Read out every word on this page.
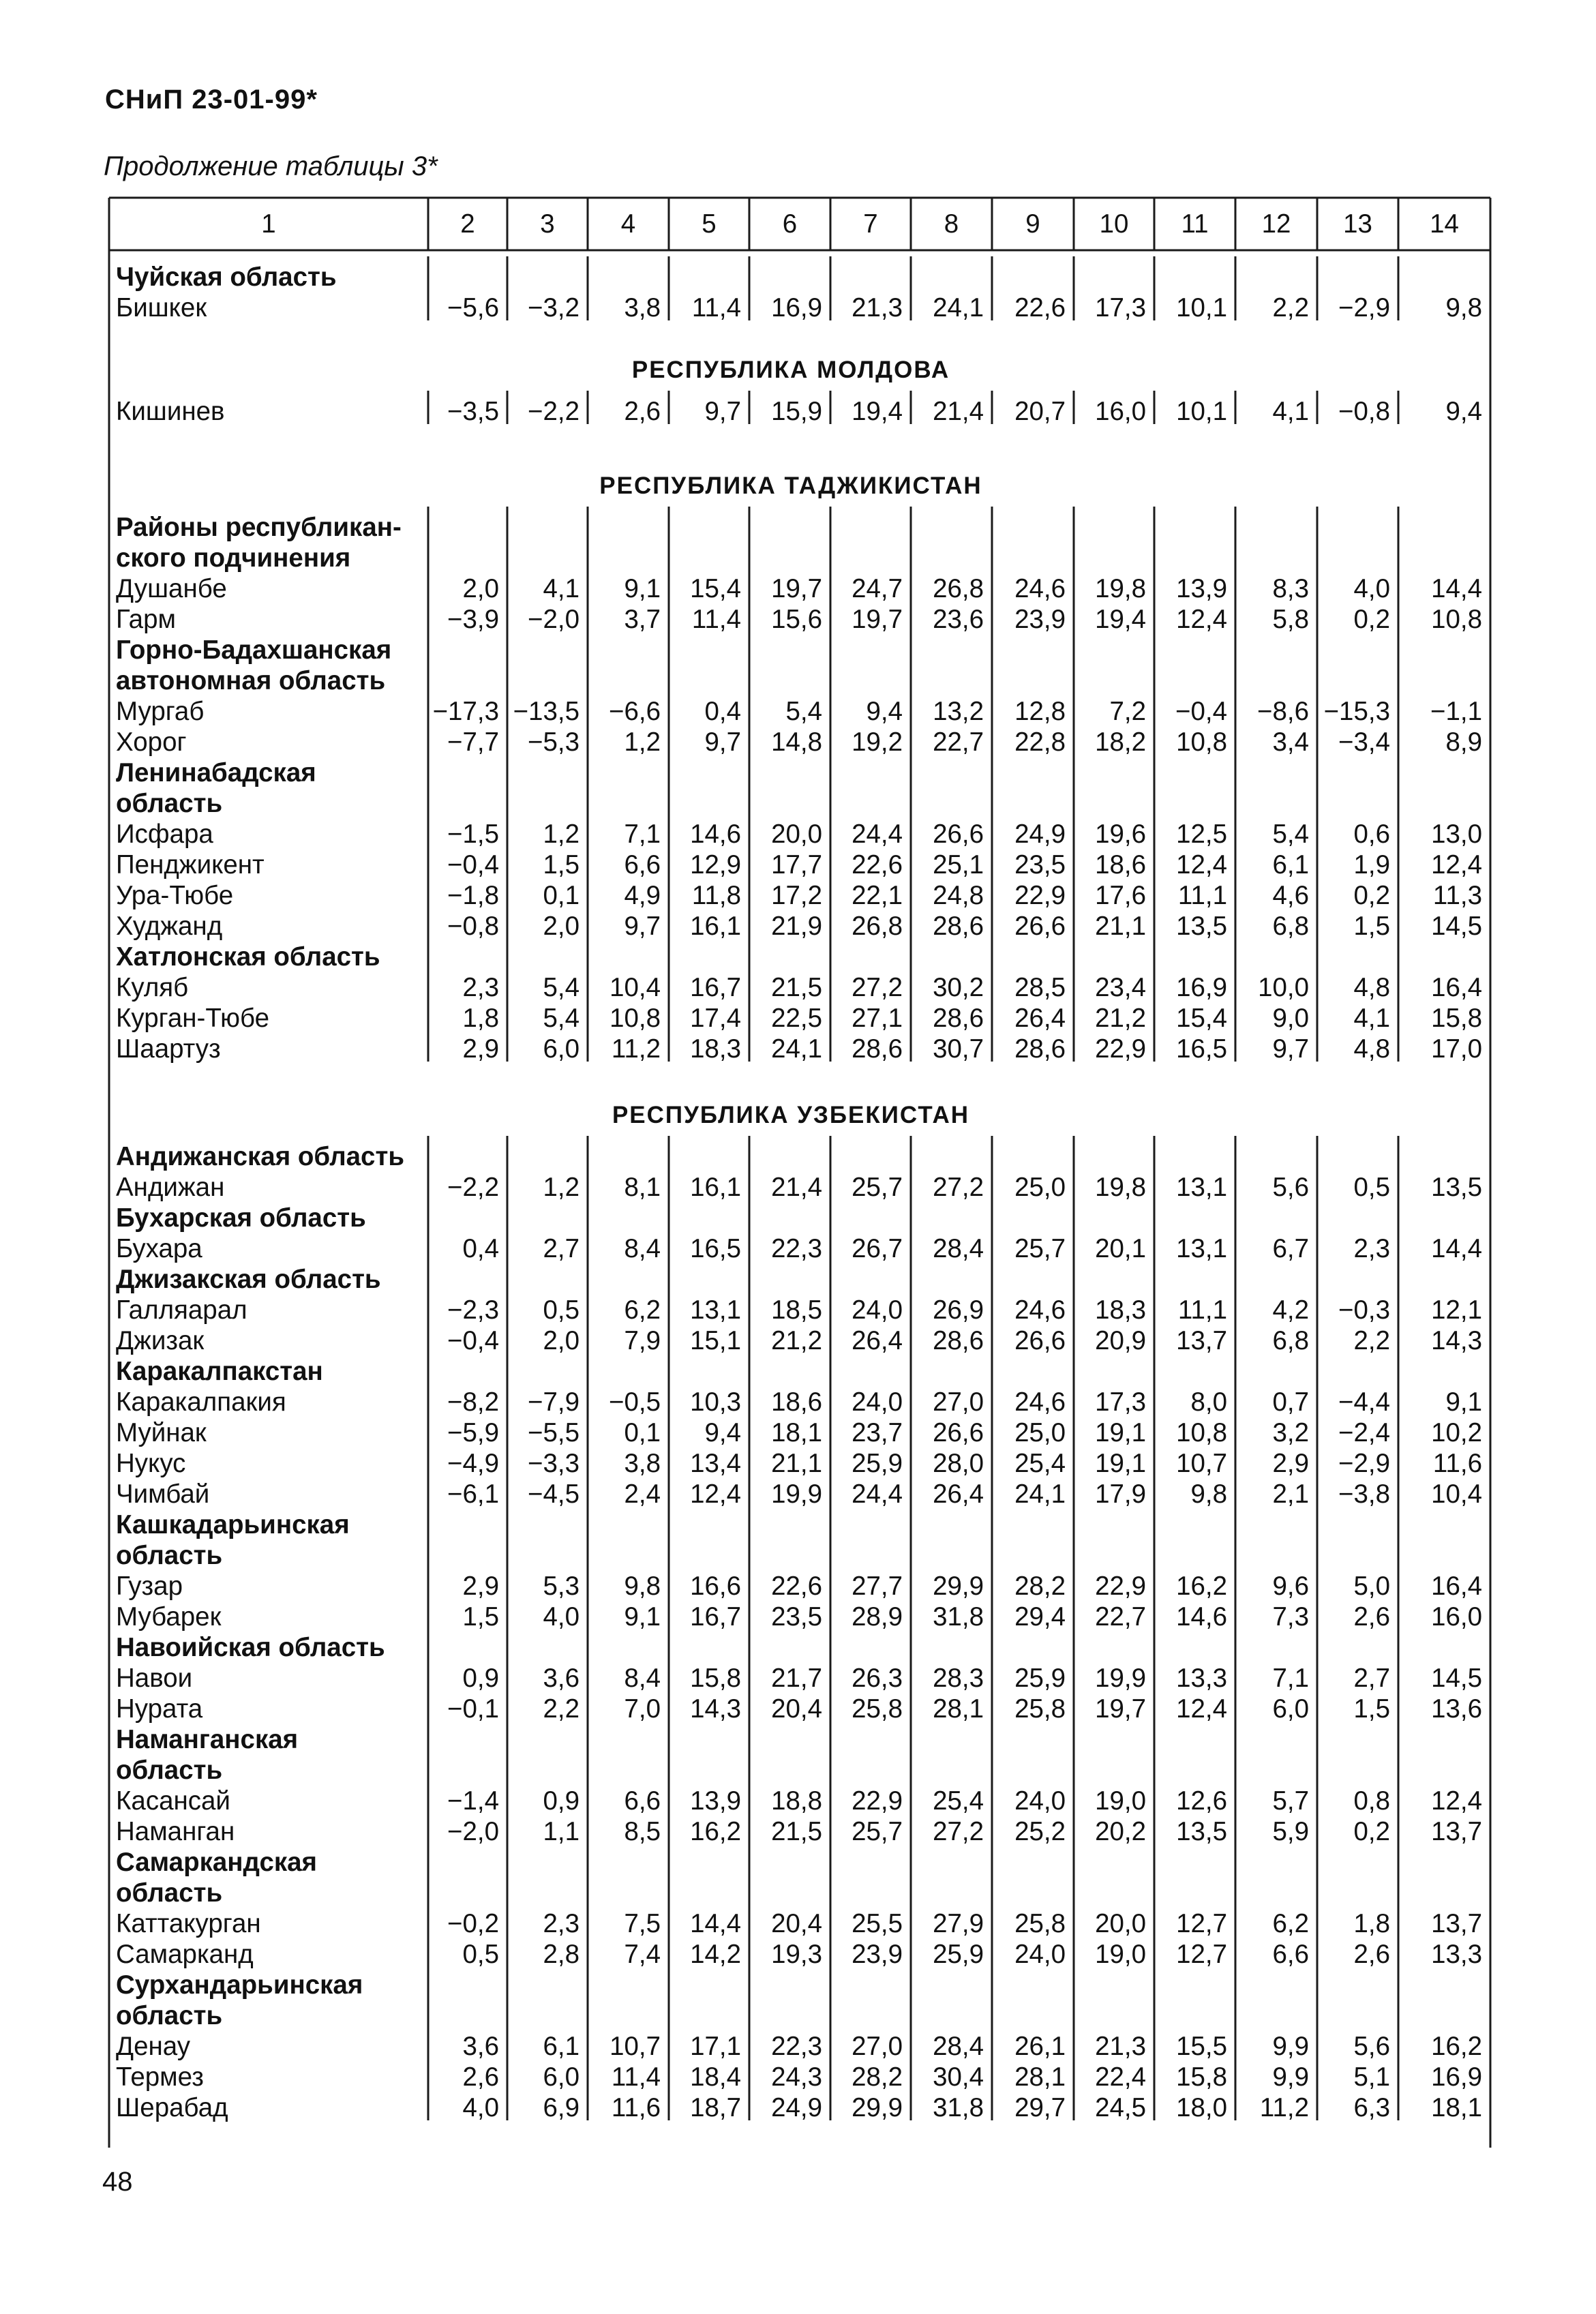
СНиП 23-01-99*
Продолжение таблицы 3*
1	2	3	4	5	6	7	8	9	10	11	12	13	14
Чуйская область
Бишкек	−5,6 −3,2 3,8 11,4 16,9 21,3 24,1 22,6 17,3 10,1 2,2 −2,9 9,8
РЕСПУБЛИКА МОЛДОВА
Кишинев	−3,5 −2,2 2,6 9,7 15,9 19,4 21,4 20,7 16,0 10,1 4,1 −0,8 9,4
РЕСПУБЛИКА ТАДЖИКИСТАН
Районы республикан-
ского подчинения
Душанбе	2,0 4,1 9,1 15,4 19,7 24,7 26,8 24,6 19,8 13,9 8,3 4,0 14,4
Гарм	−3,9 −2,0 3,7 11,4 15,6 19,7 23,6 23,9 19,4 12,4 5,8 0,2 10,8
Горно-Бадахшанская
автономная область
Мургаб	−17,3 −13,5 −6,6 0,4 5,4 9,4 13,2 12,8 7,2 −0,4 −8,6 −15,3 −1,1
Хорог	−7,7 −5,3 1,2 9,7 14,8 19,2 22,7 22,8 18,2 10,8 3,4 −3,4 8,9
Ленинабадская
область
Исфара	−1,5 1,2 7,1 14,6 20,0 24,4 26,6 24,9 19,6 12,5 5,4 0,6 13,0
Пенджикент	−0,4 1,5 6,6 12,9 17,7 22,6 25,1 23,5 18,6 12,4 6,1 1,9 12,4
Ура-Тюбе	−1,8 0,1 4,9 11,8 17,2 22,1 24,8 22,9 17,6 11,1 4,6 0,2 11,3
Худжанд	−0,8 2,0 9,7 16,1 21,9 26,8 28,6 26,6 21,1 13,5 6,8 1,5 14,5
Хатлонская область
Куляб	2,3 5,4 10,4 16,7 21,5 27,2 30,2 28,5 23,4 16,9 10,0 4,8 16,4
Курган-Тюбе	1,8 5,4 10,8 17,4 22,5 27,1 28,6 26,4 21,2 15,4 9,0 4,1 15,8
Шаартуз	2,9 6,0 11,2 18,3 24,1 28,6 30,7 28,6 22,9 16,5 9,7 4,8 17,0
РЕСПУБЛИКА УЗБЕКИСТАН
Андижанская область
Андижан	−2,2 1,2 8,1 16,1 21,4 25,7 27,2 25,0 19,8 13,1 5,6 0,5 13,5
Бухарская область
Бухара	0,4 2,7 8,4 16,5 22,3 26,7 28,4 25,7 20,1 13,1 6,7 2,3 14,4
Джизакская область
Галляарал	−2,3 0,5 6,2 13,1 18,5 24,0 26,9 24,6 18,3 11,1 4,2 −0,3 12,1
Джизак	−0,4 2,0 7,9 15,1 21,2 26,4 28,6 26,6 20,9 13,7 6,8 2,2 14,3
Каракалпакстан
Каракалпакия	−8,2 −7,9 −0,5 10,3 18,6 24,0 27,0 24,6 17,3 8,0 0,7 −4,4 9,1
Муйнак	−5,9 −5,5 0,1 9,4 18,1 23,7 26,6 25,0 19,1 10,8 3,2 −2,4 10,2
Нукус	−4,9 −3,3 3,8 13,4 21,1 25,9 28,0 25,4 19,1 10,7 2,9 −2,9 11,6
Чимбай	−6,1 −4,5 2,4 12,4 19,9 24,4 26,4 24,1 17,9 9,8 2,1 −3,8 10,4
Кашкадарьинская
область
Гузар	2,9 5,3 9,8 16,6 22,6 27,7 29,9 28,2 22,9 16,2 9,6 5,0 16,4
Мубарек	1,5 4,0 9,1 16,7 23,5 28,9 31,8 29,4 22,7 14,6 7,3 2,6 16,0
Навоийская область
Навои	0,9 3,6 8,4 15,8 21,7 26,3 28,3 25,9 19,9 13,3 7,1 2,7 14,5
Нурата	−0,1 2,2 7,0 14,3 20,4 25,8 28,1 25,8 19,7 12,4 6,0 1,5 13,6
Наманганская
область
Касансай	−1,4 0,9 6,6 13,9 18,8 22,9 25,4 24,0 19,0 12,6 5,7 0,8 12,4
Наманган	−2,0 1,1 8,5 16,2 21,5 25,7 27,2 25,2 20,2 13,5 5,9 0,2 13,7
Самаркандская
область
Каттакурган	−0,2 2,3 7,5 14,4 20,4 25,5 27,9 25,8 20,0 12,7 6,2 1,8 13,7
Самарканд	0,5 2,8 7,4 14,2 19,3 23,9 25,9 24,0 19,0 12,7 6,6 2,6 13,3
Сурхандарьинская
область
Денау	3,6 6,1 10,7 17,1 22,3 27,0 28,4 26,1 21,3 15,5 9,9 5,6 16,2
Термез	2,6 6,0 11,4 18,4 24,3 28,2 30,4 28,1 22,4 15,8 9,9 5,1 16,9
Шерабад	4,0 6,9 11,6 18,7 24,9 29,9 31,8 29,7 24,5 18,0 11,2 6,3 18,1
48
